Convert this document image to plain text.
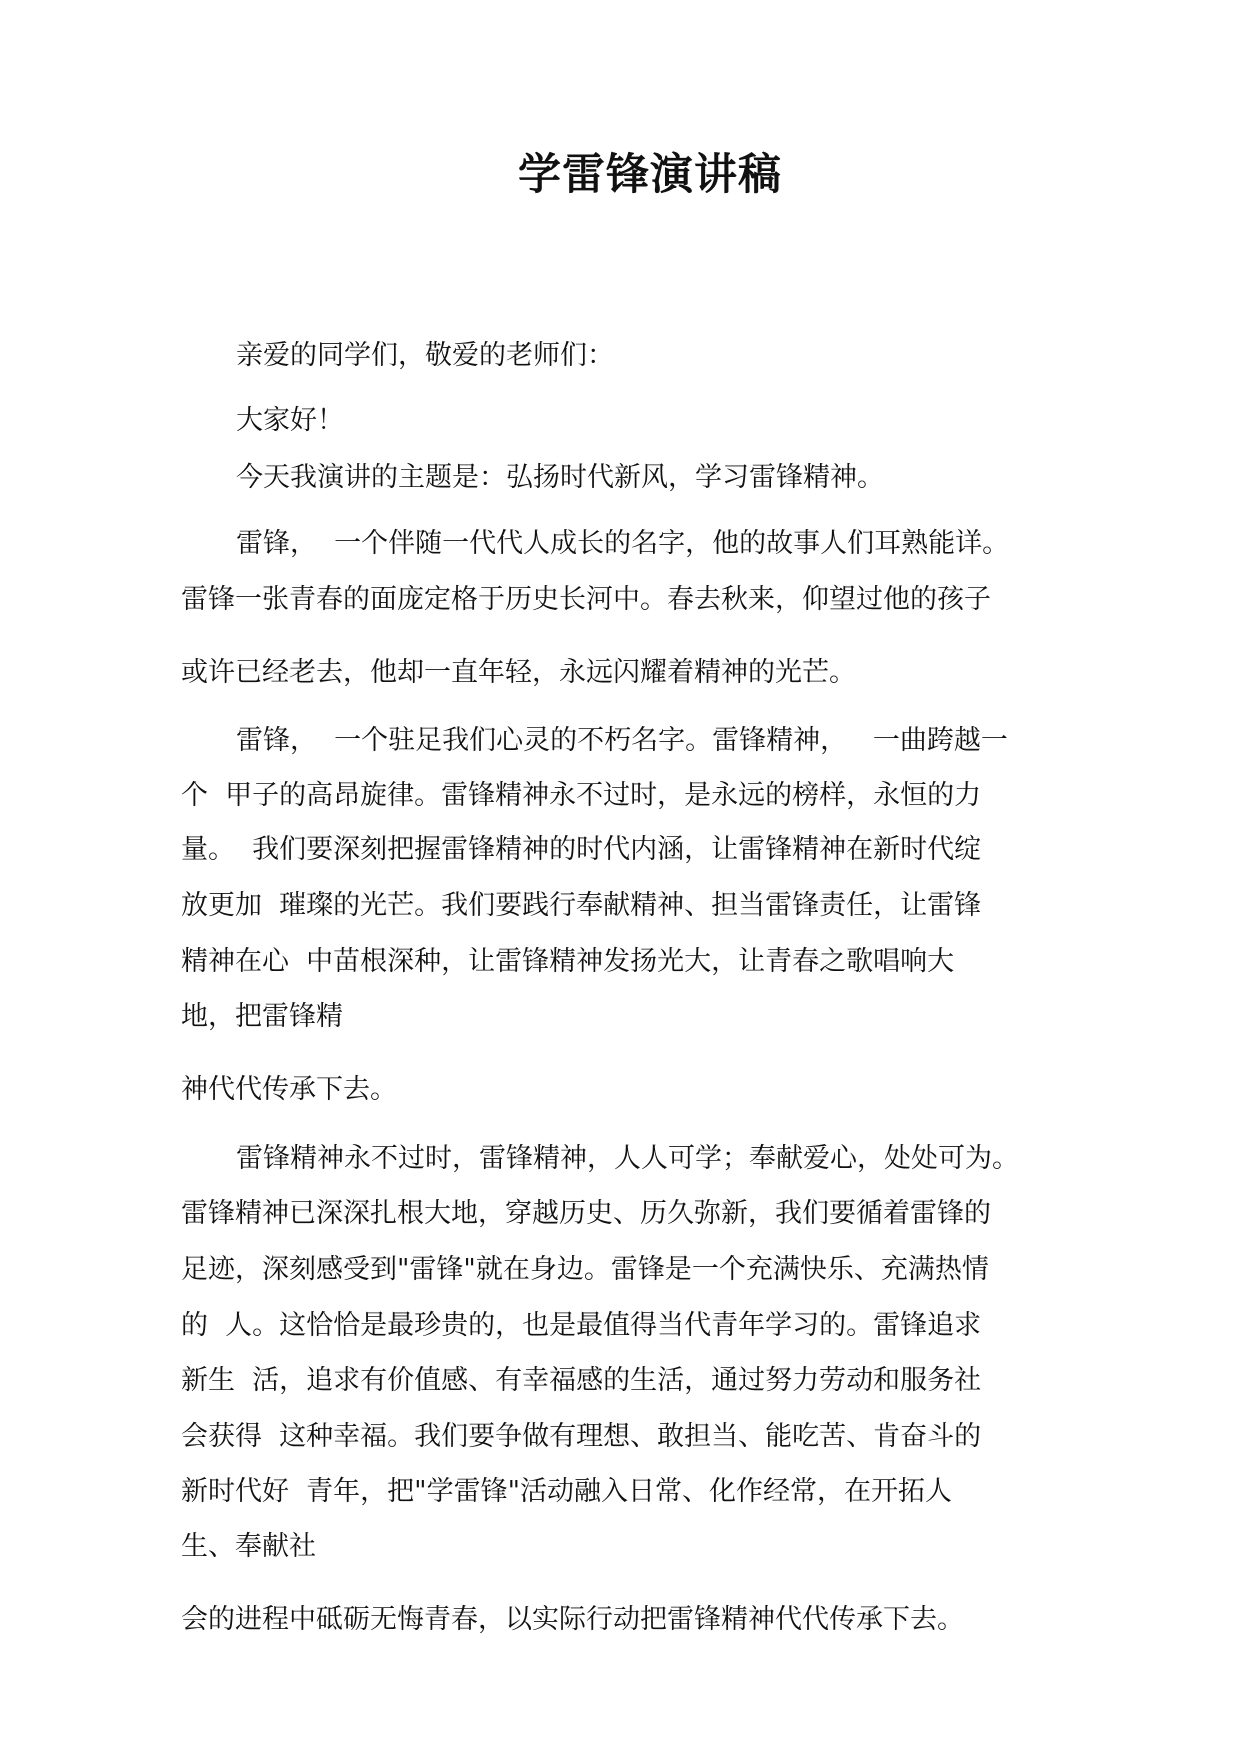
学雷锋演讲稿

亲爱的同学们，敬爱的老师们：

大家好！

今天我演讲的主题是：弘扬时代新风，学习雷锋精神。

雷锋，  一个伴随一代代人成长的名字，他的故事人们耳熟能详。

雷锋一张青春的面庞定格于历史长河中。春去秋来，仰望过他的孩子

或许已经老去，他却一直年轻，永远闪耀着精神的光芒。

雷锋，  一个驻足我们心灵的不朽名字。雷锋精神，   一曲跨越一

个  甲子的高昂旋律。雷锋精神永不过时，是永远的榜样，永恒的力

量。  我们要深刻把握雷锋精神的时代内涵，让雷锋精神在新时代绽

放更加  璀璨的光芒。我们要践行奉献精神、担当雷锋责任，让雷锋

精神在心  中苗根深种，让雷锋精神发扬光大，让青春之歌唱响大

地，把雷锋精

神代代传承下去。

雷锋精神永不过时，雷锋精神，人人可学；奉献爱心，处处可为。

雷锋精神已深深扎根大地，穿越历史、历久弥新，我们要循着雷锋的

足迹，深刻感受到"雷锋"就在身边。雷锋是一个充满快乐、充满热情

的  人。这恰恰是最珍贵的，也是最值得当代青年学习的。雷锋追求

新生  活，追求有价值感、有幸福感的生活，通过努力劳动和服务社

会获得  这种幸福。我们要争做有理想、敢担当、能吃苦、肯奋斗的

新时代好  青年，把"学雷锋"活动融入日常、化作经常，在开拓人

生、奉献社

会的进程中砥砺无悔青春，以实际行动把雷锋精神代代传承下去。
